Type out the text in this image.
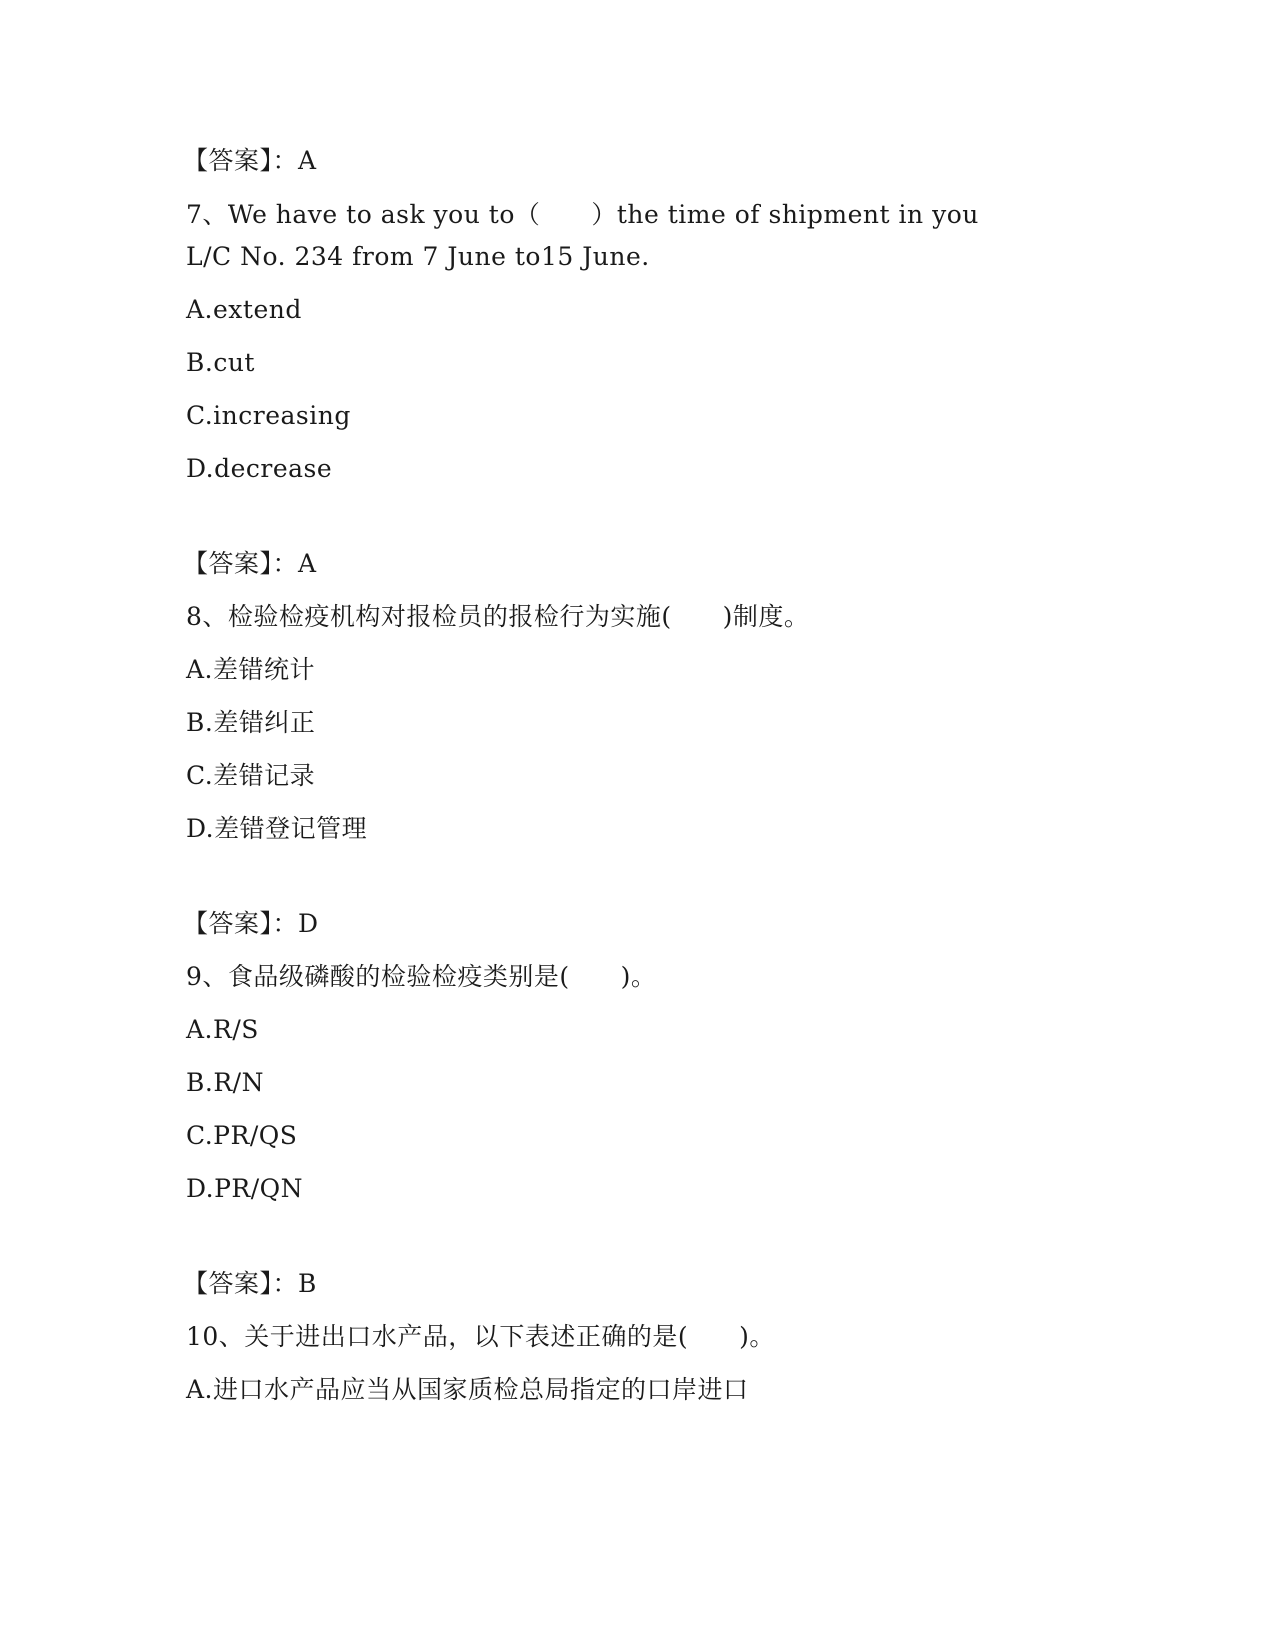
【答案】：A
7、We have to ask you to（　　）the time of shipment in you
L/C No. 234 from 7 June to15 June.
A.extend
B.cut
C.increasing
D.decrease
【答案】：A
8、检验检疫机构对报检员的报检行为实施(　　)制度。
A.差错统计
B.差错纠正
C.差错记录
D.差错登记管理
【答案】：D
9、食品级磷酸的检验检疫类别是(　　)。
A.R/S
B.R/N
C.PR/QS
D.PR/QN
【答案】：B
10、关于进出口水产品，以下表述正确的是(　　)。
A.进口水产品应当从国家质检总局指定的口岸进口
